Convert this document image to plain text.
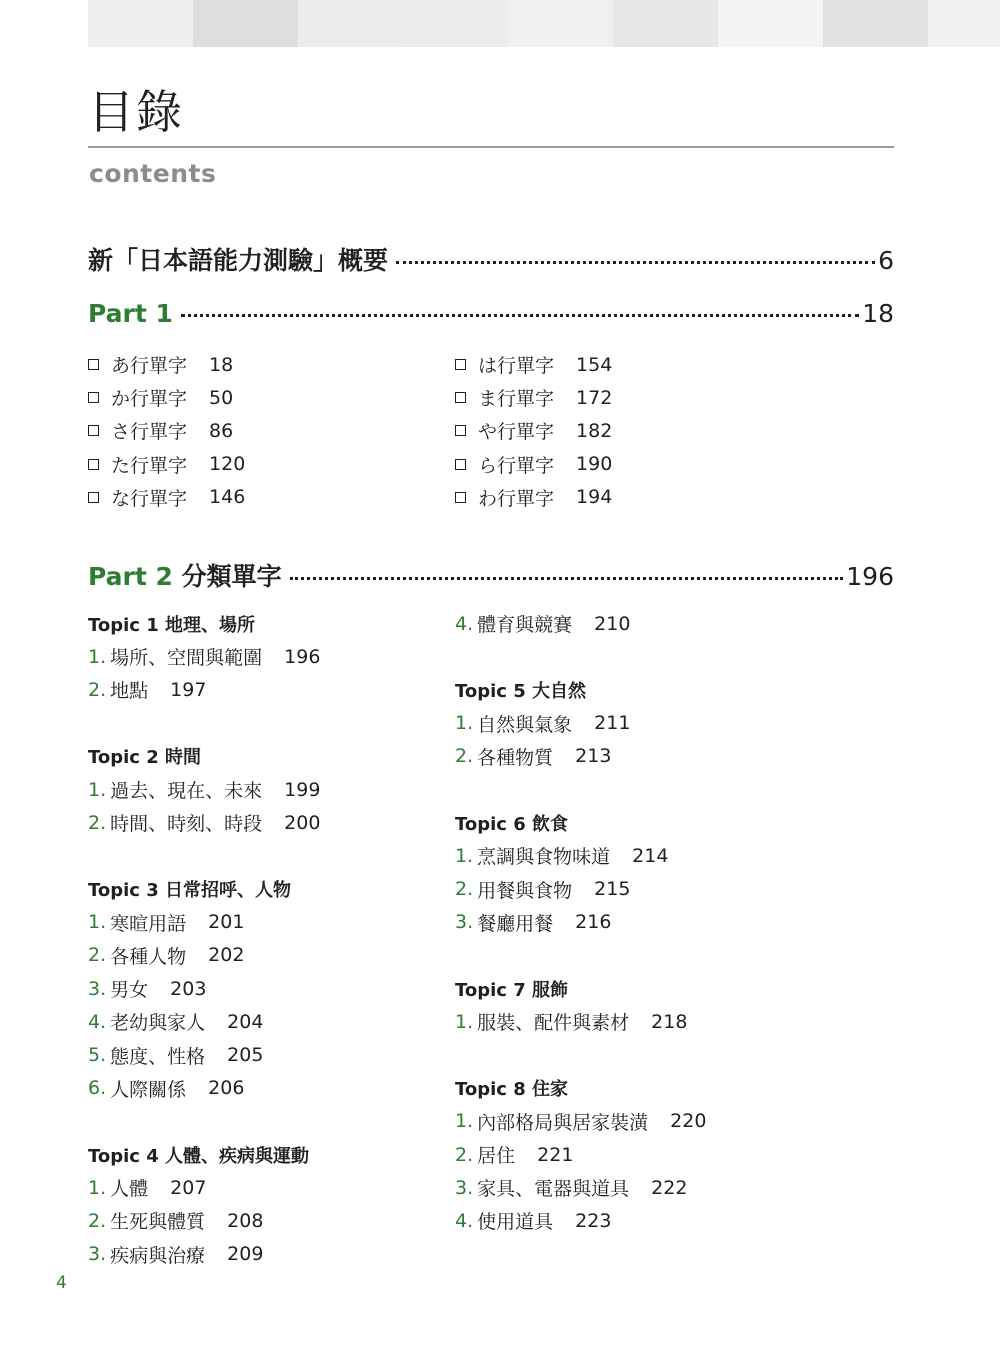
目錄
contents
新「日本語能力測驗」概要	6
Part 1	18
あ行單字 18	は行單字 154
か行單字 50	ま行單字 172
さ行單字 86	や行單字 182
た行單字 120	ら行單字 190
な行單字 146	わ行單字 194
Part 2 分類單字	196
Topic 1 地理、場所
1. 場所、空間與範圍 196
2. 地點 197
Topic 2 時間
1. 過去、現在、未來 199
2. 時間、時刻、時段 200
Topic 3 日常招呼、人物
1. 寒暄用語 201
2. 各種人物 202
3. 男女 203
4. 老幼與家人 204
5. 態度、性格 205
6. 人際關係 206
Topic 4 人體、疾病與運動
1. 人體 207
2. 生死與體質 208
3. 疾病與治療 209
4. 體育與競賽 210
Topic 5 大自然
1. 自然與氣象 211
2. 各種物質 213
Topic 6 飲食
1. 烹調與食物味道 214
2. 用餐與食物 215
3. 餐廳用餐 216
Topic 7 服飾
1. 服裝、配件與素材 218
Topic 8 住家
1. 內部格局與居家裝潢 220
2. 居住 221
3. 家具、電器與道具 222
4. 使用道具 223
4
